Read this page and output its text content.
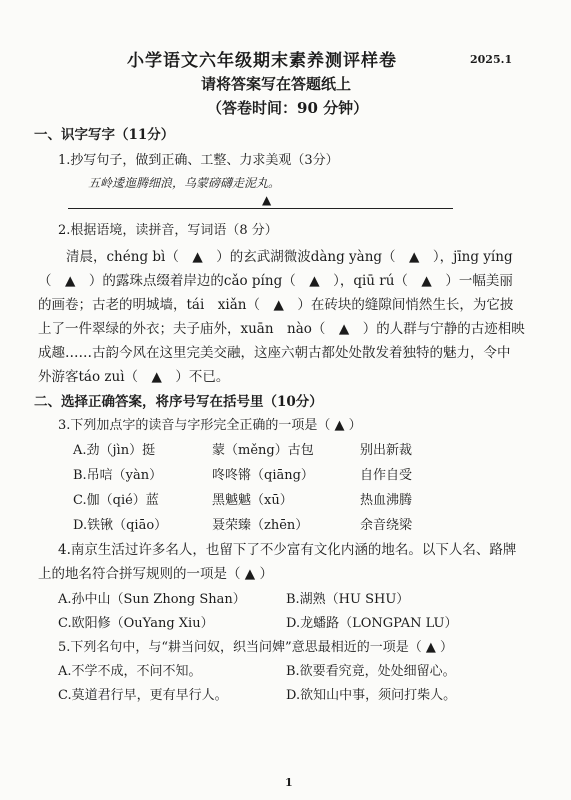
小学语文六年级期末素养测评样卷	2025.1
请将答案写在答题纸上
（答卷时间：90 分钟）
一、识字写字（11分）
1.抄写句子，做到正确、工整、力求美观（3分）
五岭逶迤腾细浪，乌蒙磅礴走泥丸。
▲
2.根据语境，读拼音，写词语（8 分）
清晨，chéng bì（　▲　）的玄武湖微波dàng yàng（　▲　），jīng yíng
（　▲　）的露珠点缀着岸边的cǎo píng（　▲　），qiū rú（　▲　）一幅美丽
的画卷；古老的明城墙，tái　xiǎn（　▲　）在砖块的缝隙间悄然生长，为它披
上了一件翠绿的外衣；夫子庙外，xuān　nào（　▲　）的人群与宁静的古迹相映
成趣……古韵今风在这里完美交融，这座六朝古都处处散发着独特的魅力，令中
外游客táo zuì（　▲　）不已。
二、选择正确答案，将序号写在括号里（10分）
3.下列加点字的读音与字形完全正确的一项是（ ▲ ）
A.劲（jìn）挺	蒙（měng）古包	别出新裁
B.吊唁（yàn）	咚咚锵（qiāng）	自作自受
C.伽（qié）蓝	黑魆魆（xū）	热血沸腾
D.铁锹（qiāo）	聂荣臻（zhēn）	余音绕梁
4.南京生活过许多名人，也留下了不少富有文化内涵的地名。以下人名、路牌
上的地名符合拼写规则的一项是（ ▲ ）
A.孙中山（Sun Zhong Shan）	B.湖熟（HU SHU）
C.欧阳修（OuYang Xiu）	D.龙蟠路（LONGPAN LU）
5.下列名句中，与“耕当问奴，织当问婢”意思最相近的一项是（ ▲ ）
A.不学不成，不问不知。	B.欲要看究竟，处处细留心。
C.莫道君行早，更有早行人。	D.欲知山中事，须问打柴人。
1
